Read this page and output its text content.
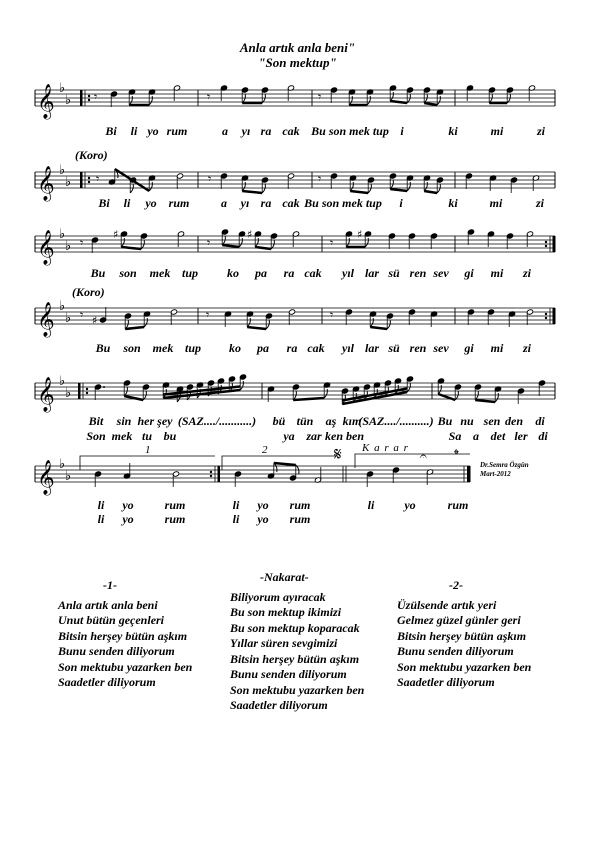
Anla artık anla beni"
"Son mektup"
𝄞 ♭
♭ 𝄾	𝄾	𝄾
Bi li yo rum	a yı ra cak Bu son mek tup i	ki	mi	zi
𝄞 ♭
♭
(Koro)
𝄾	𝄾	𝄾
Bi li yo rum	a yı ra cak Bu son mek tup i	ki	mi	zi
𝄞 ♭
♭ 𝄾
♯
𝄾
♯
𝄾
♯
Bu son mek tup ko pa ra cak yıl lar sü ren sev gi mi zi
𝄞 ♭
♭
(Koro)
𝄾 ♯	𝄾	𝄾
Bu son mek tup ko pa ra cak yıl lar sü ren sev gi mi zi
𝄞 ♭
♭
Bit sin her şey (SAZ..../...........) bü tün aş kım
(SAZ..../..........) Bu nu sen den di
Son mek tu bu	ya zar ken ben	Sa a det ler di
𝄞 ♭
♭
1	2	𝄋 K a r a r
𝄐 𝄌
li yo	rum	li yo rum	li	yo	rum
li yo	rum	li yo rum
Dr.Semra Özgün
Mart-2012
-1-
Anla artık anla beni
Unut bütün geçenleri
Bitsin herşey bütün aşkım
Bunu senden diliyorum
Son mektubu yazarken ben
Saadetler diliyorum
-Nakarat-
Biliyorum ayıracak
Bu son mektup ikimizi
Bu son mektup koparacak
Yıllar süren sevgimizi
Bitsin herşey bütün aşkım
Bunu senden diliyorum
Son mektubu yazarken ben
Saadetler diliyorum
-2-
Üzülsende artık yeri
Gelmez güzel günler geri
Bitsin herşey bütün aşkım
Bunu senden diliyorum
Son mektubu yazarken ben
Saadetler diliyorum
